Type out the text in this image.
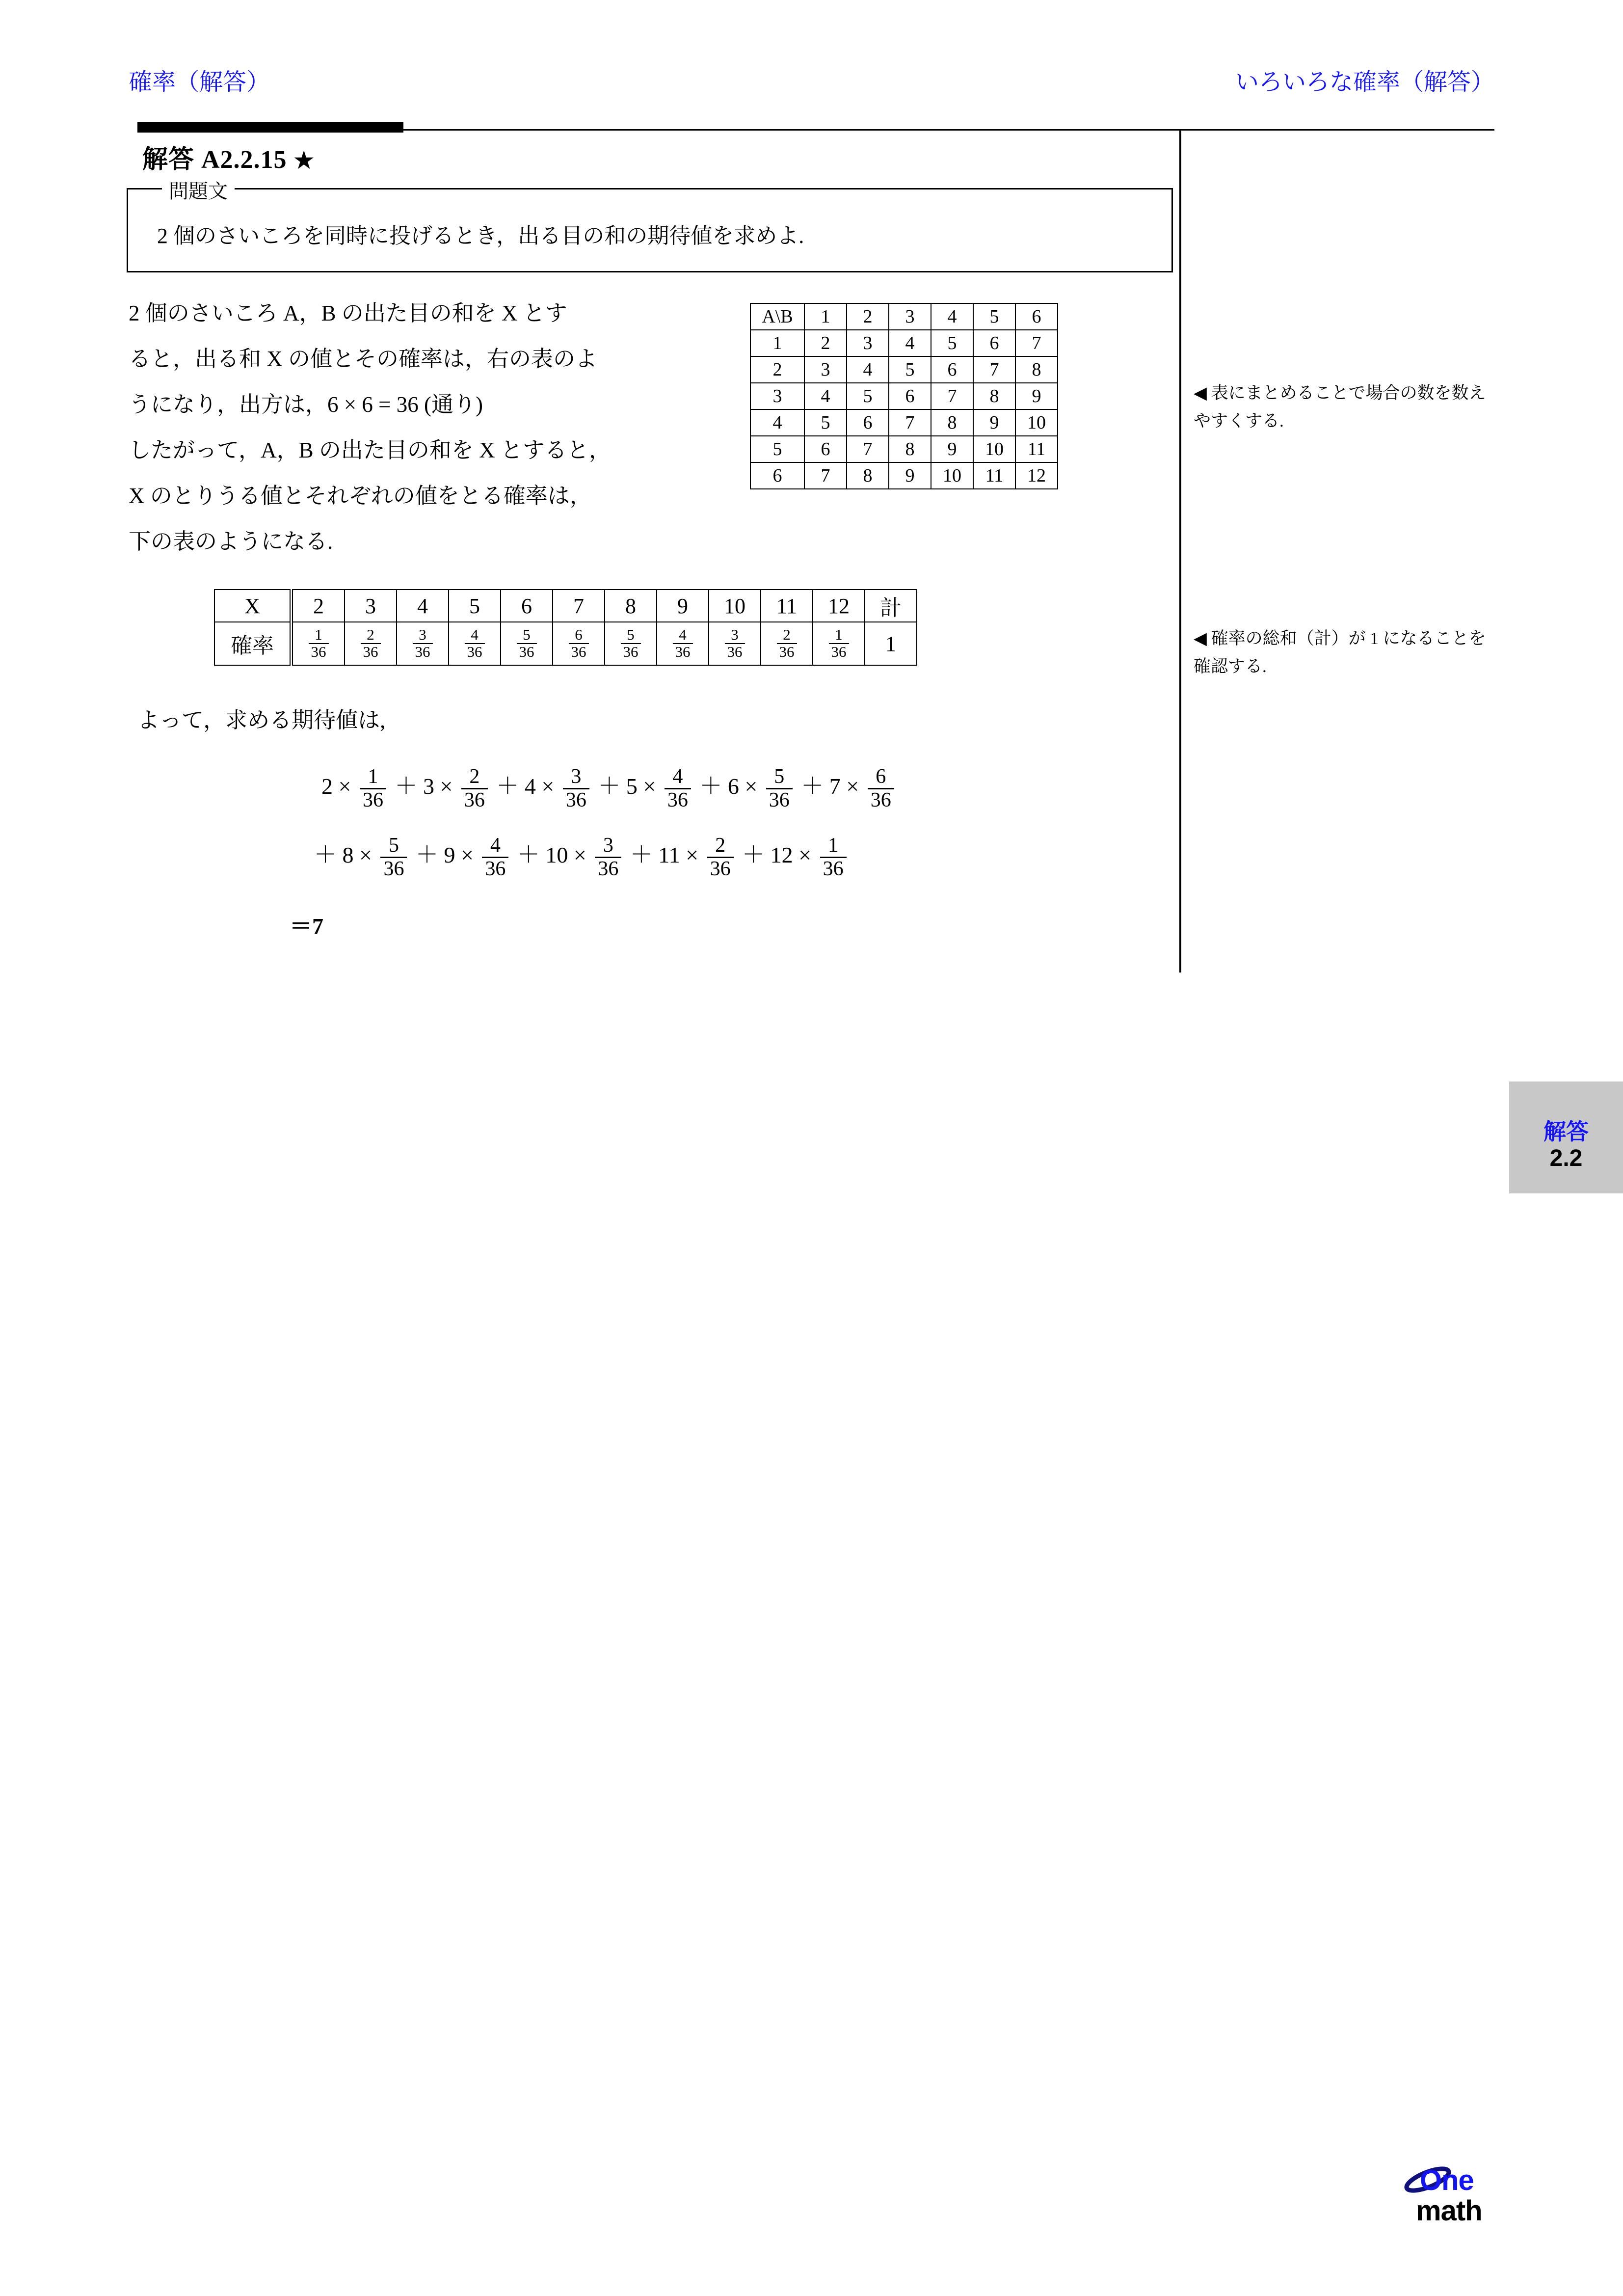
確率（解答）	いろいろな確率（解答）
解答 A2.2.15 ★
問題文
2 個のさいころを同時に投げるとき，出る目の和の期待値を求めよ.
2 個のさいころ A，B の出た目の和を X とす
ると，出る和 X の値とその確率は，右の表のよ
うになり，出方は，6 × 6 = 36 (通り)
したがって，A，B の出た目の和を X とすると，
X のとりうる値とそれぞれの値をとる確率は，
下の表のようになる.
よって，求める期待値は,
A\B	1	2	3	4	5	6
1	2	3	4	5	6	7
2	3	4	5	6	7	8
3	4	5	6	7	8	9
4	5	6	7	8	9	10
5	6	7	8	9	10	11
6	7	8	9	10	11	12
X	2	3	4	5	6	7	8	9	10	11	12	計
確率	$\frac{1}{36}$	$\frac{2}{36}$	$\frac{3}{36}$	$\frac{4}{36}$	$\frac{5}{36}$	$\frac{6}{36}$	$\frac{5}{36}$	$\frac{4}{36}$	$\frac{3}{36}$	$\frac{2}{36}$	$\frac{1}{36}$	1
$2 \times \frac{1}{36} + 3 \times \frac{2}{36} + 4 \times \frac{3}{36} + 5 \times \frac{4}{36} + 6 \times \frac{5}{36} + 7 \times \frac{6}{36}$
＋ $8 \times \frac{5}{36} + 9 \times \frac{4}{36} + 10 \times \frac{3}{36} + 11 \times \frac{2}{36} + 12 \times \frac{1}{36}$
＝7
◀ 表にまとめることで場合の数を数えやすくする.
◀ 確率の総和（計）が 1 になることを確認する.
解答
2.2
One
math
